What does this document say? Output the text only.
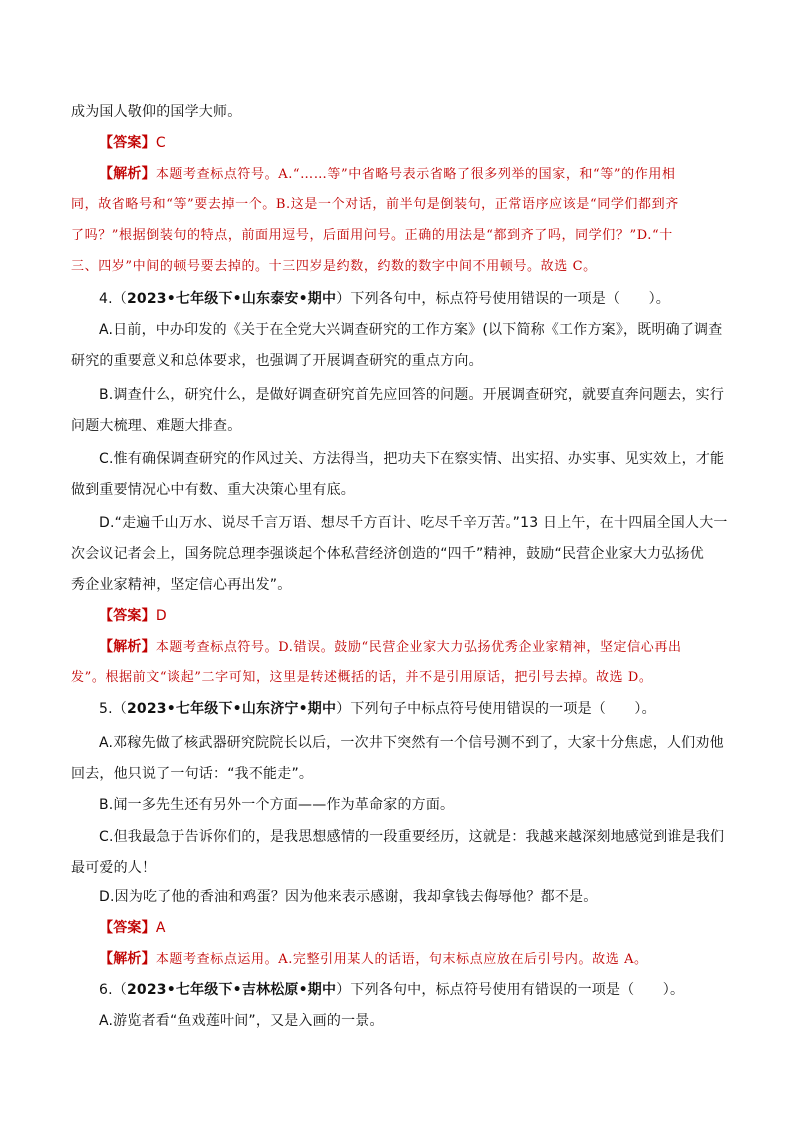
成为国人敬仰的国学大师。
【答案】C
【解析】本题考查标点符号。A.“……等”中省略号表示省略了很多列举的国家，和“等”的作用相
同，故省略号和“等”要去掉一个。B.这是一个对话，前半句是倒装句，正常语序应该是“同学们都到齐
了吗？”根据倒装句的特点，前面用逗号，后面用问号。正确的用法是“都到齐了吗，同学们？”D.“十
三、四岁”中间的顿号要去掉的。十三四岁是约数，约数的数字中间不用顿号。故选 C。
4.（2023•七年级下•山东泰安•期中）下列各句中，标点符号使用错误的一项是（　　）。
A.日前，中办印发的《关于在全党大兴调查研究的工作方案》(以下简称《工作方案》，既明确了调查
研究的重要意义和总体要求，也强调了开展调查研究的重点方向。
B.调查什么，研究什么，是做好调查研究首先应回答的问题。开展调查研究，就要直奔问题去，实行
问题大梳理、难题大排查。
C.惟有确保调查研究的作风过关、方法得当，把功夫下在察实情、出实招、办实事、见实效上，才能
做到重要情况心中有数、重大决策心里有底。
D.“走遍千山万水、说尽千言万语、想尽千方百计、吃尽千辛万苦。”13 日上午，在十四届全国人大一
次会议记者会上，国务院总理李强谈起个体私营经济创造的“四千”精神，鼓励“民营企业家大力弘扬优
秀企业家精神，坚定信心再出发”。
【答案】D
【解析】本题考查标点符号。D.错误。鼓励“民营企业家大力弘扬优秀企业家精神，坚定信心再出
发”。根据前文“谈起”二字可知，这里是转述概括的话，并不是引用原话，把引号去掉。故选 D。
5.（2023•七年级下•山东济宁•期中）下列句子中标点符号使用错误的一项是（　　）。
A.邓稼先做了核武器研究院院长以后，一次井下突然有一个信号测不到了，大家十分焦虑，人们劝他
回去，他只说了一句话：“我不能走”。
B.闻一多先生还有另外一个方面——作为革命家的方面。
C.但我最急于告诉你们的，是我思想感情的一段重要经历，这就是：我越来越深刻地感觉到谁是我们
最可爱的人！
D.因为吃了他的香油和鸡蛋？因为他来表示感谢，我却拿钱去侮辱他？都不是。
【答案】A
【解析】本题考查标点运用。A.完整引用某人的话语，句末标点应放在后引号内。故选 A。
6.（2023•七年级下•吉林松原•期中）下列各句中，标点符号使用有错误的一项是（　　）。
A.游览者看“鱼戏莲叶间”，又是入画的一景。
